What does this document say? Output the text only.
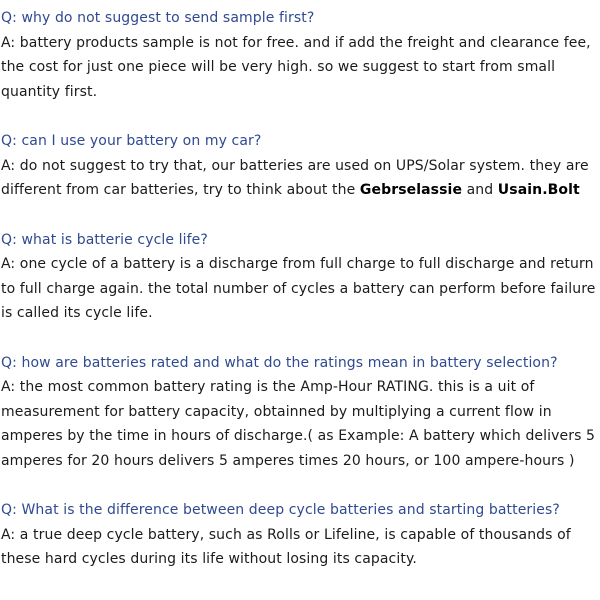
Q: why do not suggest to send sample first?
A: battery products sample is not for free. and if add the freight and clearance fee,
the cost for just one piece will be very high. so we suggest to start from small
quantity first.
Q: can I use your battery on my car?
A: do not suggest to try that, our batteries are used on UPS/Solar system. they are
different from car batteries, try to think about the Gebrselassie and Usain.Bolt
Q: what is batterie cycle life?
A: one cycle of a battery is a discharge from full charge to full discharge and return
to full charge again. the total number of cycles a battery can perform before failure
is called its cycle life.
Q: how are batteries rated and what do the ratings mean in battery selection?
A: the most common battery rating is the Amp-Hour RATING. this is a uit of
measurement for battery capacity, obtainned by multiplying a current flow in
amperes by the time in hours of discharge.( as Example: A battery which delivers 5
amperes for 20 hours delivers 5 amperes times 20 hours, or 100 ampere-hours )
Q: What is the difference between deep cycle batteries and starting batteries?
A: a true deep cycle battery, such as Rolls or Lifeline, is capable of thousands of
these hard cycles during its life without losing its capacity.
